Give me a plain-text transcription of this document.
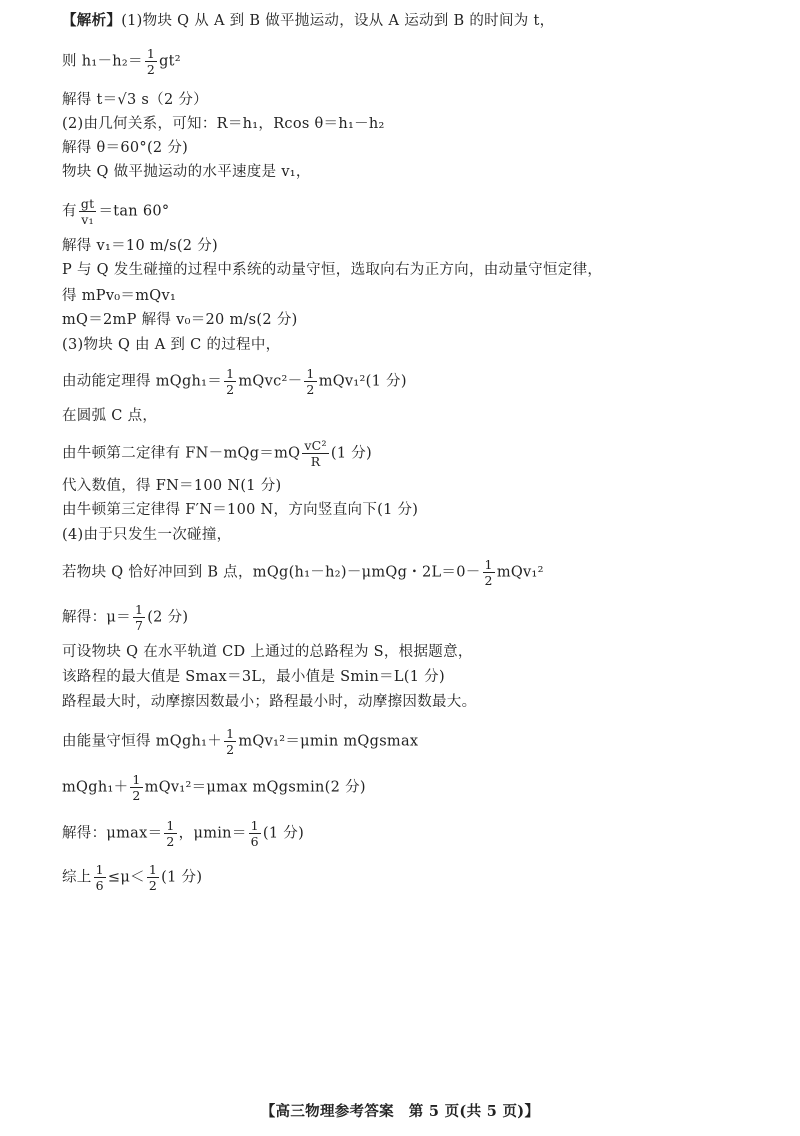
【解析】(1)物块 Q 从 A 到 B 做平抛运动，设从 A 运动到 B 的时间为 t，
则 $h_1-h_2= \frac{1}{2} gt^2$
解得 t＝√3 s（2 分）
(2)由几何关系，可知：R＝h₁，Rcos θ＝h₁－h₂
解得 θ＝60°(2 分)
物块 Q 做平抛运动的水平速度是 v₁，
有 $\frac{gt}{\text{v₁}} =\tan$ 60°
解得 v₁＝10 m/s(2 分)
P 与 Q 发生碰撞的过程中系统的动量守恒，选取向右为正方向，由动量守恒定律，
得 mPv₀＝mQv₁
mQ＝2mP 解得 v₀＝20 m/s(2 分)
(3)物块 Q 由 A 到 C 的过程中，
由动能定理得 mQgh₁＝ $\frac{1}{2}$ mQvc²－ $\frac{1}{2} mQv_1^2(1$ 分)
在圆弧 C 点，
由牛顿第二定律有 $FN-mQg=mQ \frac{\text{vC²}}{R} (1$ 分)
代入数值，得 FN＝100 N(1 分)
由牛顿第三定律得 F′N＝100 N，方向竖直向下(1 分)
(4)由于只发生一次碰撞，
若物块 Q 恰好冲回到 B 点，mQg(h₁－h₂)－μmQg・$2L=0- \frac{1}{2} mQv_1^2$
解得：$\mu= \frac{1}{7} (2$ 分)
可设物块 Q 在水平轨道 CD 上通过的总路程为 S，根据题意，
该路程的最大值是 Smax＝3L，最小值是 Smin＝L(1 分)
路程最大时，动摩擦因数最小；路程最小时，动摩擦因数最大。
由能量守恒得 mQgh₁＋ $\frac{1}{2} mQv_1^2=\mu\min$ mQgsmax
mQgh₁＋ $\frac{1}{2} mQv_1^2=\mu\max$ mQgsmin(2 分)
解得：$\mu\max= \frac{1}{2}$ ，$\mu\min= \frac{1}{6} (1$ 分)
综上 $\frac{1}{6} \le\mu< \frac{1}{2} (1$ 分)
【高三物理参考答案　第 5 页(共 5 页)】
